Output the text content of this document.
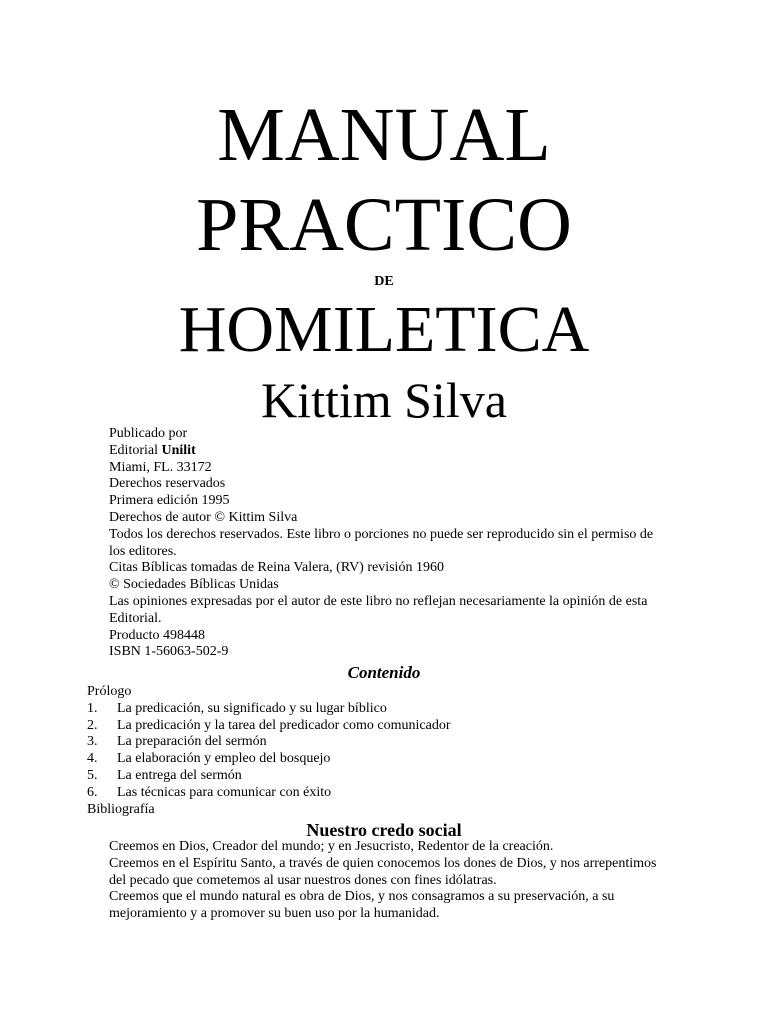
MANUAL
PRACTICO
DE
HOMILETICA
Kittim Silva
Publicado por
Editorial Unilit
Miami, FL. 33172
Derechos reservados
Primera edición 1995
Derechos de autor © Kittim Silva
Todos los derechos reservados. Este libro o porciones no puede ser reproducido sin el permiso de los editores.
Citas Bíblicas tomadas de Reina Valera, (RV) revisión 1960
© Sociedades Bíblicas Unidas
Las opiniones expresadas por el autor de este libro no reflejan necesariamente la opinión de esta Editorial.
Producto 498448
ISBN 1-56063-502-9
Contenido
Prólogo
1. La predicación, su significado y su lugar bíblico
2. La predicación y la tarea del predicador como comunicador
3. La preparación del sermón
4. La elaboración y empleo del bosquejo
5. La entrega del sermón
6. Las técnicas para comunicar con éxito
Bibliografía
Nuestro credo social
Creemos en Dios, Creador del mundo; y en Jesucristo, Redentor de la creación.
Creemos en el Espíritu Santo, a través de quien conocemos los dones de Dios, y nos arrepentimos del pecado que cometemos al usar nuestros dones con fines idólatras.
Creemos que el mundo natural es obra de Dios, y nos consagramos a su preservación, a su mejoramiento y a promover su buen uso por la humanidad.
